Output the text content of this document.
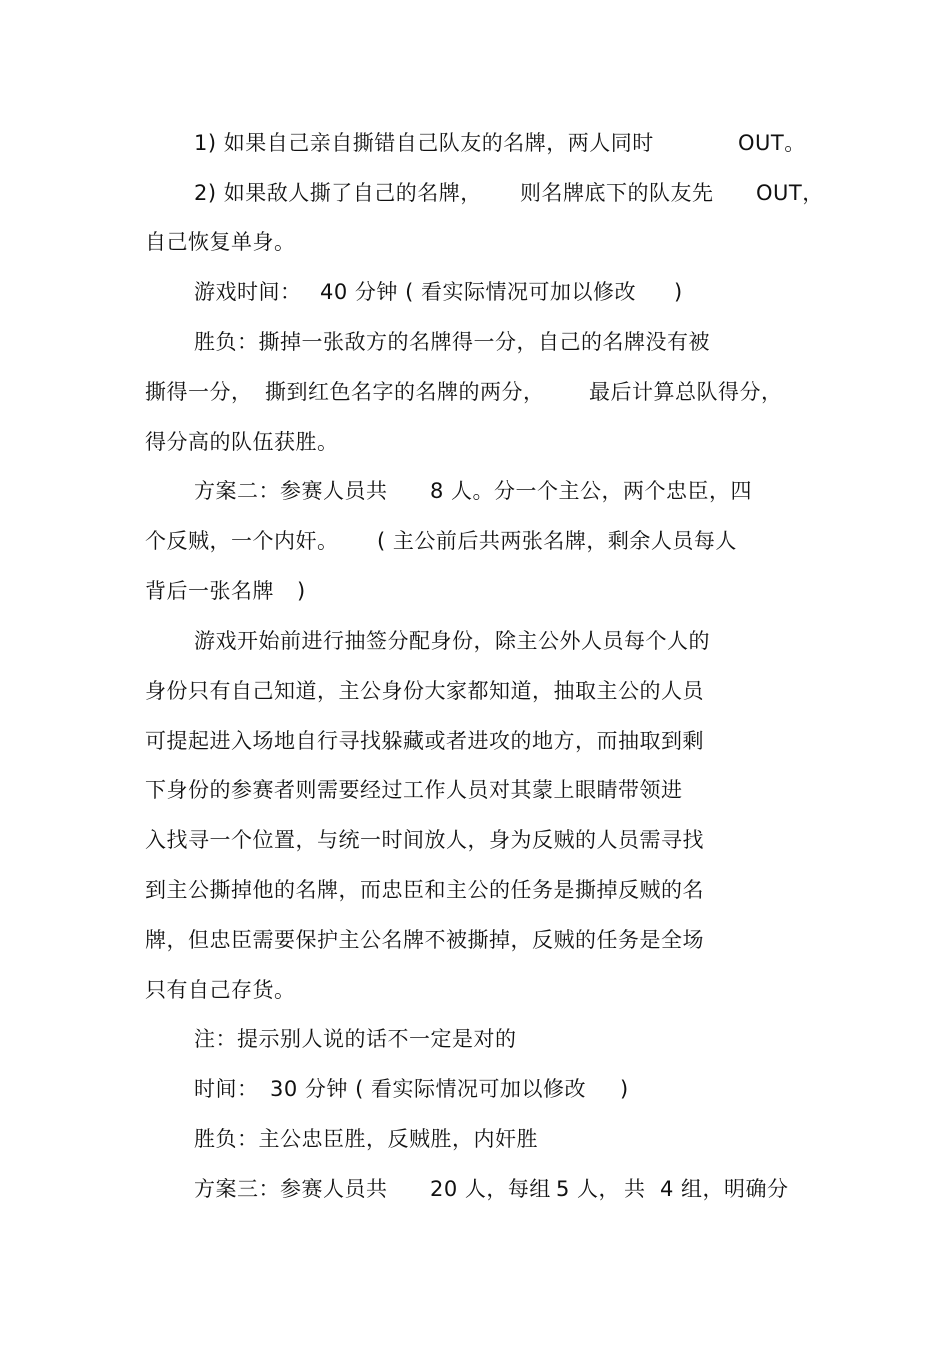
1) 如果自己亲自撕错自己队友的名牌，两人同时	OUT。
2) 如果敌人撕了自己的名牌， 则名牌底下的队友先 OUT，
自己恢复单身。
游戏时间： 40 分钟 ( 看实际情况可加以修改 )
胜负：撕掉一张敌方的名牌得一分，自己的名牌没有被
撕得一分， 撕到红色名字的名牌的两分， 最后计算总队得分，
得分高的队伍获胜。
方案二：参赛人员共 8 人。分一个主公，两个忠臣，四
个反贼，一个内奸。 ( 主公前后共两张名牌，剩余人员每人
背后一张名牌 )
游戏开始前进行抽签分配身份，除主公外人员每个人的
身份只有自己知道，主公身份大家都知道，抽取主公的人员
可提起进入场地自行寻找躲藏或者进攻的地方，而抽取到剩
下身份的参赛者则需要经过工作人员对其蒙上眼睛带领进
入找寻一个位置，与统一时间放人，身为反贼的人员需寻找
到主公撕掉他的名牌，而忠臣和主公的任务是撕掉反贼的名
牌，但忠臣需要保护主公名牌不被撕掉，反贼的任务是全场
只有自己存货。
注：提示别人说的话不一定是对的
时间： 30 分钟 ( 看实际情况可加以修改 )
胜负：主公忠臣胜，反贼胜，内奸胜
方案三：参赛人员共 20 人，每组 5 人， 共 4 组， 明确分
